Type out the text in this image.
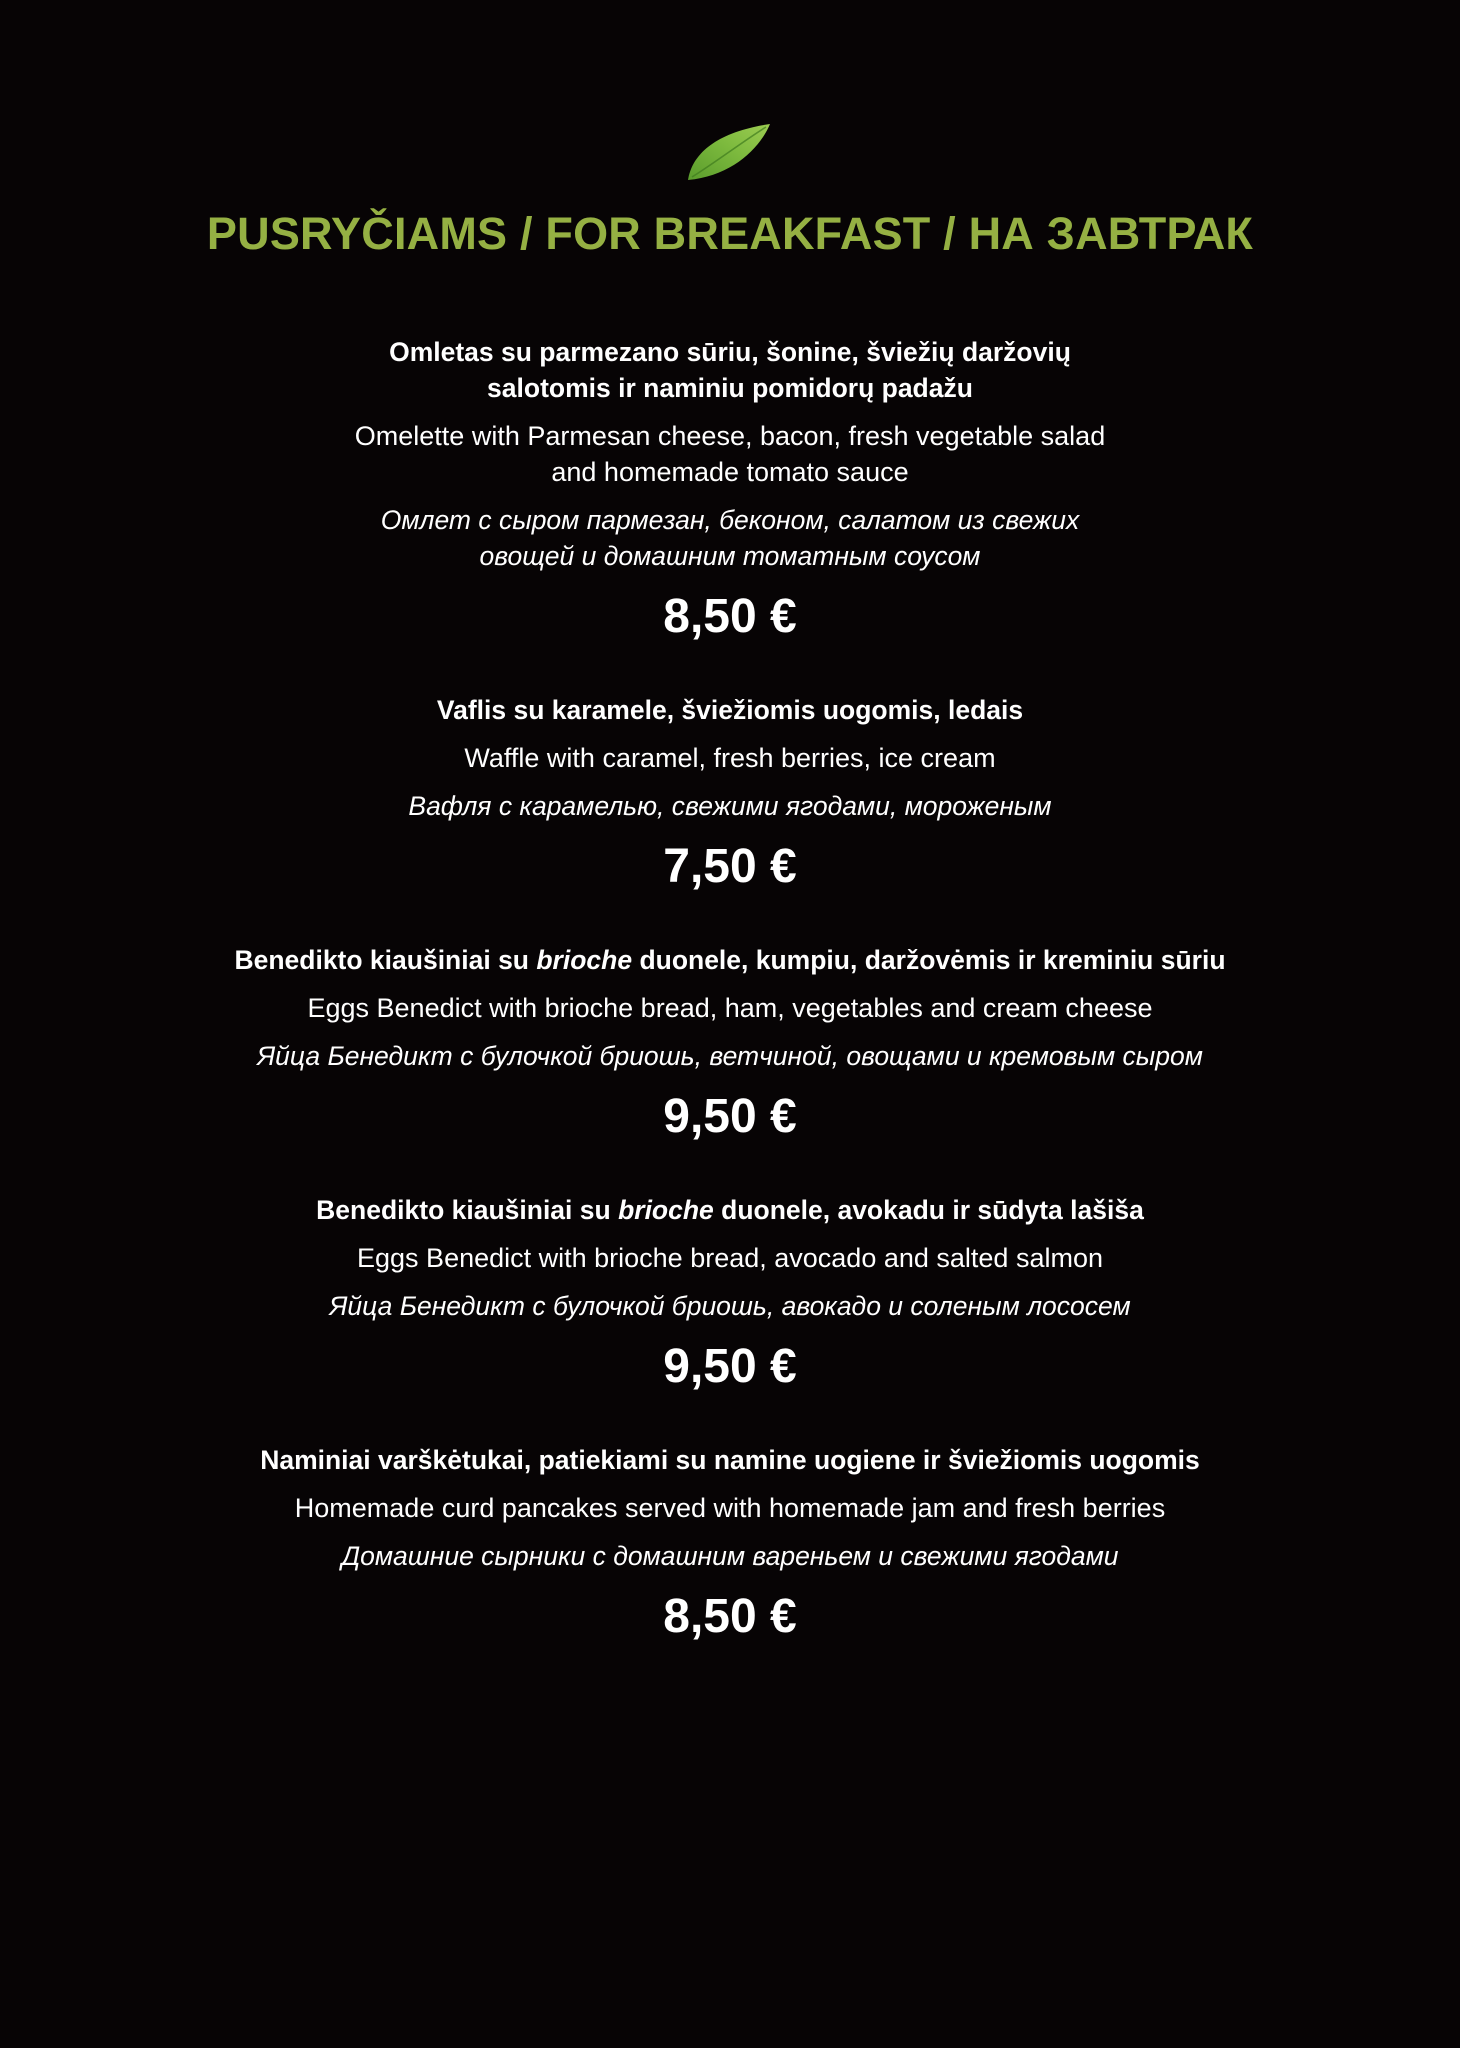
PUSRYČIAMS / FOR BREAKFAST / НА ЗАВТРАК
Omletas su parmezano sūriu, šonine, šviežių daržovių
salotomis ir naminiu pomidorų padažu
Omelette with Parmesan cheese, bacon, fresh vegetable salad
and homemade tomato sauce
Омлет с сыром пармезан, беконом, салатом из свежих
овощей и домашним томатным соусом
8,50 €
Vaflis su karamele, šviežiomis uogomis, ledais
Waffle with caramel, fresh berries, ice cream
Вафля с карамелью, свежими ягодами, мороженым
7,50 €
Benedikto kiaušiniai su brioche duonele, kumpiu, daržovėmis ir kreminiu sūriu
Eggs Benedict with brioche bread, ham, vegetables and cream cheese
Яйца Бенедикт с булочкой бриошь, ветчиной, овощами и кремовым сыром
9,50 €
Benedikto kiaušiniai su brioche duonele, avokadu ir sūdyta lašiša
Eggs Benedict with brioche bread, avocado and salted salmon
Яйца Бенедикт с булочкой бриошь, авокадо и соленым лососем
9,50 €
Naminiai varškėtukai, patiekiami su namine uogiene ir šviežiomis uogomis
Homemade curd pancakes served with homemade jam and fresh berries
Домашние сырники с домашним вареньем и свежими ягодами
8,50 €
